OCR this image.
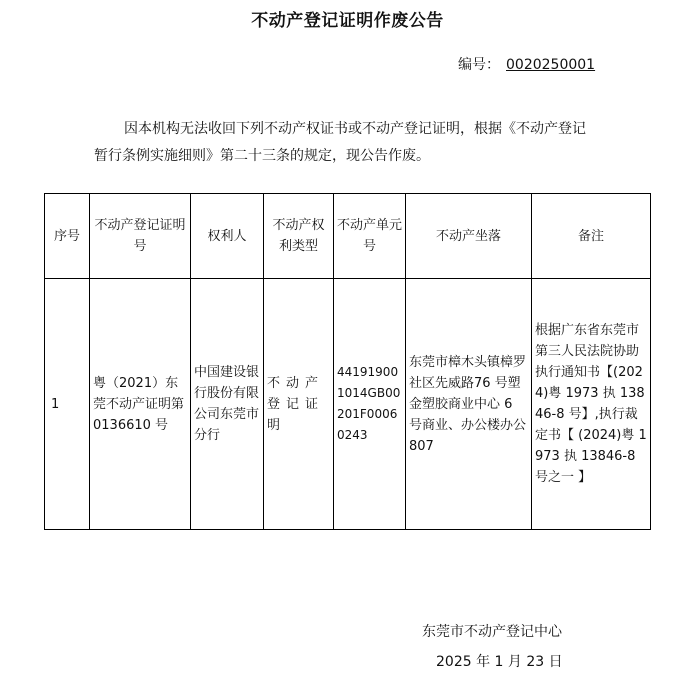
不动产登记证明作废公告
编号： 0020250001
因本机构无法收回下列不动产权证书或不动产登记证明，根据《不动产登记
暂行条例实施细则》第二十三条的规定，现公告作废。
序号	不动产登记证明号	权利人	不动产权利类型	不动产单元号	不动产坐落	备注
1	粤（2021）东莞不动产证明第 0136610 号	中国建设银行股份有限公司东莞市分行	不动产登记证明	441919001014GB00201F00060243	东莞市樟木头镇樟罗社区先威路76 号塑金塑胶商业中心 6 号商业、办公楼办公 807	根据广东省东莞市第三人民法院协助执行通知书【(2024)粤 1973 执 13846-8 号】,执行裁定书【 (2024)粤 1973 执 13846-8 号之一 】
东莞市不动产登记中心
2025 年 1 月 23 日
